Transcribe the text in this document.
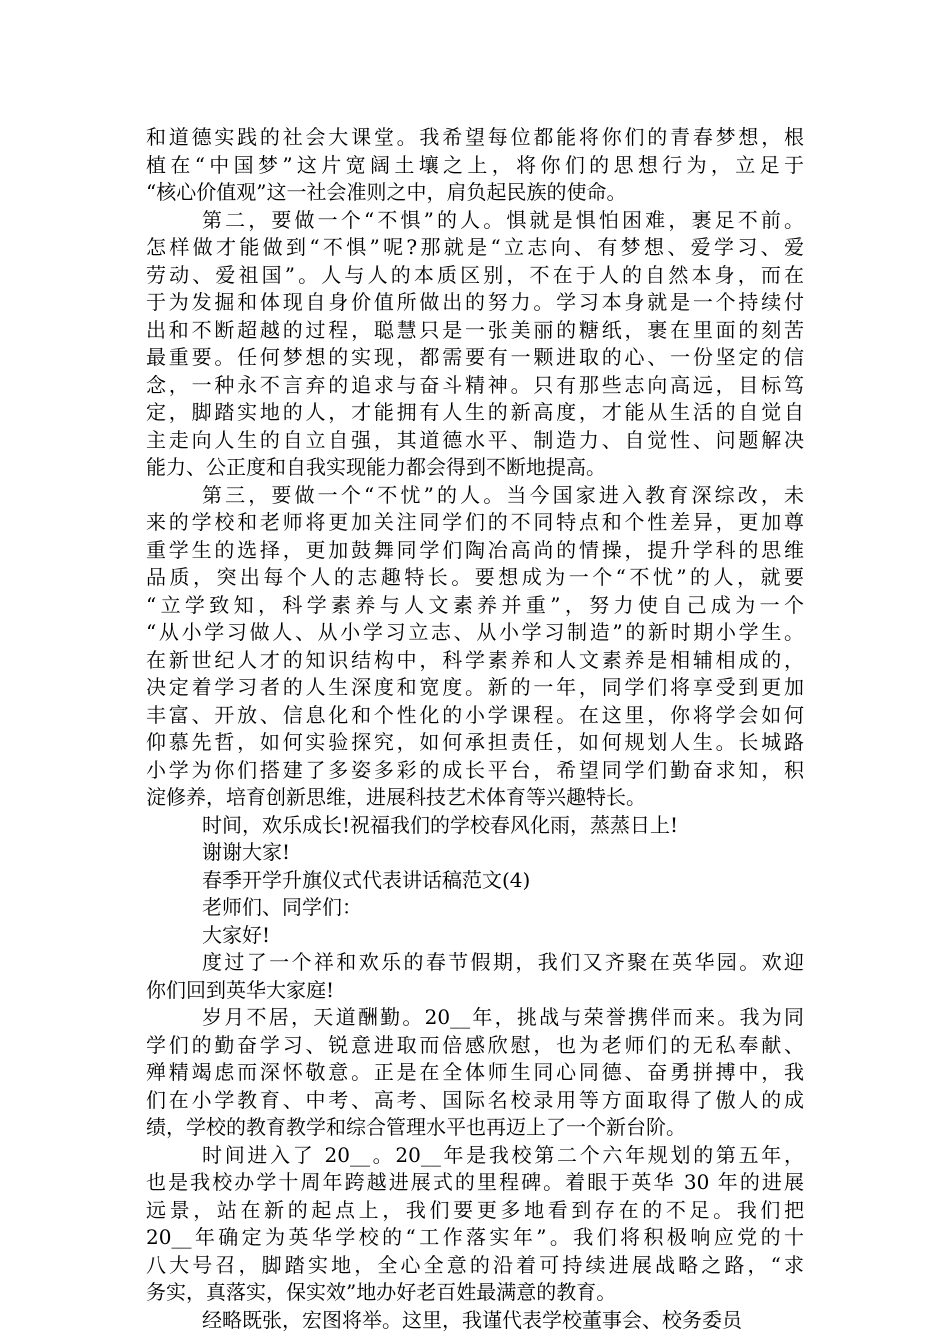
和道德实践的社会大课堂。我希望每位都能将你们的青春梦想，根
植在“中国梦”这片宽阔土壤之上，将你们的思想行为，立足于
“核心价值观”这一社会准则之中，肩负起民族的使命。
第二，要做一个“不惧”的人。惧就是惧怕困难，裹足不前。
怎样做才能做到“不惧”呢?那就是“立志向、有梦想、爱学习、爱
劳动、爱祖国”。人与人的本质区别，不在于人的自然本身，而在
于为发掘和体现自身价值所做出的努力。学习本身就是一个持续付
出和不断超越的过程，聪慧只是一张美丽的糖纸，裹在里面的刻苦
最重要。任何梦想的实现，都需要有一颗进取的心、一份坚定的信
念，一种永不言弃的追求与奋斗精神。只有那些志向高远，目标笃
定，脚踏实地的人，才能拥有人生的新高度，才能从生活的自觉自
主走向人生的自立自强，其道德水平、制造力、自觉性、问题解决
能力、公正度和自我实现能力都会得到不断地提高。
第三，要做一个“不忧”的人。当今国家进入教育深综改，未
来的学校和老师将更加关注同学们的不同特点和个性差异，更加尊
重学生的选择，更加鼓舞同学们陶冶高尚的情操，提升学科的思维
品质，突出每个人的志趣特长。要想成为一个“不忧”的人，就要
“立学致知，科学素养与人文素养并重”，努力使自己成为一个
“从小学习做人、从小学习立志、从小学习制造”的新时期小学生。
在新世纪人才的知识结构中，科学素养和人文素养是相辅相成的，
决定着学习者的人生深度和宽度。新的一年，同学们将享受到更加
丰富、开放、信息化和个性化的小学课程。在这里，你将学会如何
仰慕先哲，如何实验探究，如何承担责任，如何规划人生。长城路
小学为你们搭建了多姿多彩的成长平台，希望同学们勤奋求知，积
淀修养，培育创新思维，进展科技艺术体育等兴趣特长。
时间，欢乐成长!祝福我们的学校春风化雨，蒸蒸日上!
谢谢大家!
春季开学升旗仪式代表讲话稿范文(4)
老师们、同学们：
大家好!
度过了一个祥和欢乐的春节假期，我们又齐聚在英华园。欢迎
你们回到英华大家庭!
岁月不居，天道酬勤。20__年，挑战与荣誉携伴而来。我为同
学们的勤奋学习、锐意进取而倍感欣慰，也为老师们的无私奉献、
殚精竭虑而深怀敬意。正是在全体师生同心同德、奋勇拼搏中，我
们在小学教育、中考、高考、国际名校录用等方面取得了傲人的成
绩，学校的教育教学和综合管理水平也再迈上了一个新台阶。
时间进入了 20__。20__年是我校第二个六年规划的第五年，
也是我校办学十周年跨越进展式的里程碑。着眼于英华 30 年的进展
远景，站在新的起点上，我们要更多地看到存在的不足。我们把
20__年确定为英华学校的“工作落实年”。我们将积极响应党的十
八大号召，脚踏实地，全心全意的沿着可持续进展战略之路，“求
务实，真落实，保实效”地办好老百姓最满意的教育。
经略既张，宏图将举。这里，我谨代表学校董事会、校务委员
